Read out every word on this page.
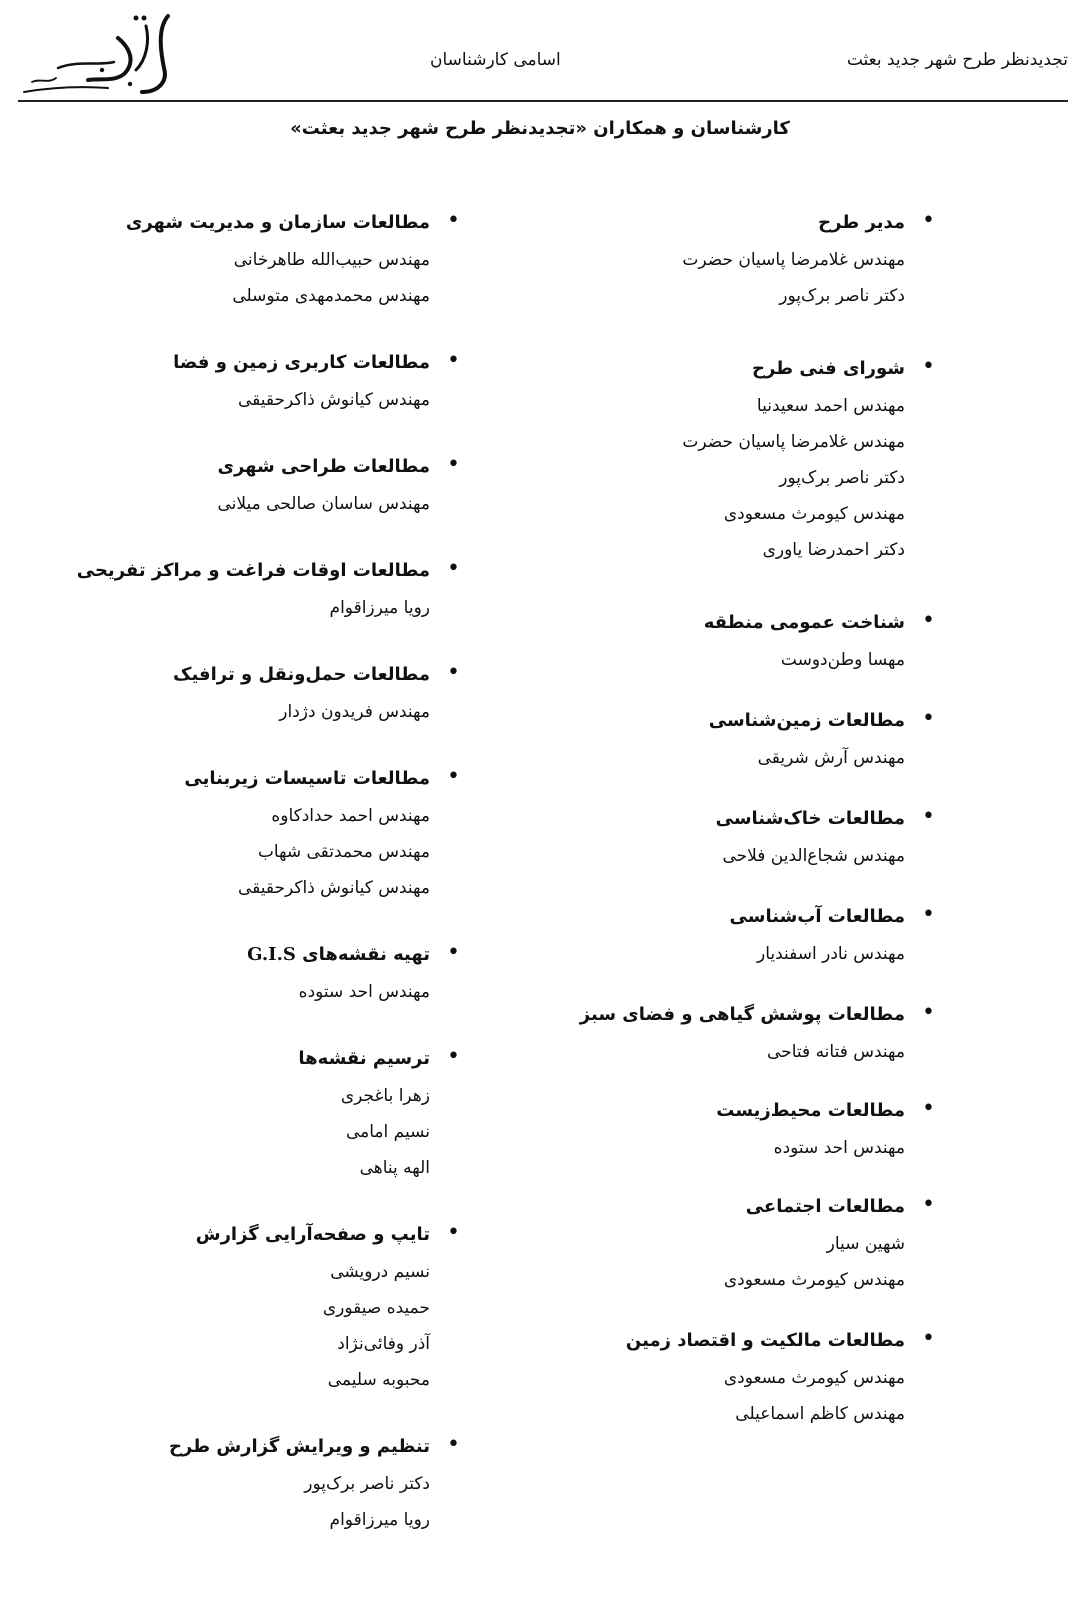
تجدیدنظر طرح شهر جدید بعثت
اسامی کارشناسان
کارشناسان و همکاران «تجدیدنظر طرح شهر جدید بعثت»
• مدیر طرح
مهندس غلامرضا پاسیان حضرت
دکتر ناصر برک‌پور
• شورای فنی طرح
مهندس احمد سعیدنیا
مهندس غلامرضا پاسیان حضرت
دکتر ناصر برک‌پور
مهندس کیومرث مسعودی
دکتر احمدرضا یاوری
• شناخت عمومی منطقه
مهسا وطن‌دوست
• مطالعات زمین‌شناسی
مهندس آرش شریقی
• مطالعات خاک‌شناسی
مهندس شجاع‌الدین فلاحی
• مطالعات آب‌شناسی
مهندس نادر اسفندیار
• مطالعات پوشش گیاهی و فضای سبز
مهندس فتانه فتاحی
• مطالعات محیط‌زیست
مهندس احد ستوده
• مطالعات اجتماعی
شهین سیار
مهندس کیومرث مسعودی
• مطالعات مالکیت و اقتصاد زمین
مهندس کیومرث مسعودی
مهندس کاظم اسماعیلی
• مطالعات سازمان و مدیریت شهری
مهندس حبیب‌الله طاهرخانی
مهندس محمدمهدی متوسلی
• مطالعات کاربری زمین و فضا
مهندس کیانوش ذاکرحقیقی
• مطالعات طراحی شهری
مهندس ساسان صالحی میلانی
• مطالعات اوقات فراغت و مراکز تفریحی
رویا میرزاقوام
• مطالعات حمل‌ونقل و ترافیک
مهندس فریدون دژدار
• مطالعات تاسیسات زیربنایی
مهندس احمد حدادکاوه
مهندس محمدتقی شهاب
مهندس کیانوش ذاکرحقیقی
• تهیه نقشه‌های G.I.S
مهندس احد ستوده
• ترسیم نقشه‌ها
زهرا باغجری
نسیم امامی
الهه پناهی
• تایپ و صفحه‌آرایی گزارش
نسیم درویشی
حمیده صیقوری
آذر وفائی‌نژاد
محبوبه سلیمی
• تنظیم و ویرایش گزارش طرح
دکتر ناصر برک‌پور
رویا میرزاقوام
